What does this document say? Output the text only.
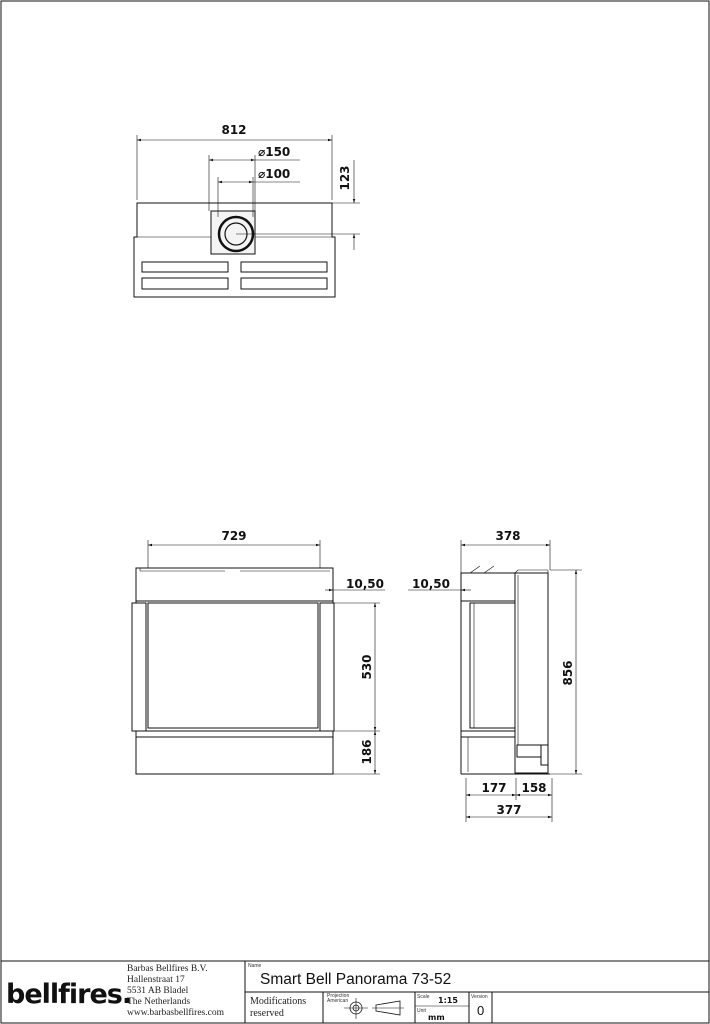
812
⌀150
⌀100	123
729
10,50
530
186
378
10,50
856
177 158
377
bellfires.
Barbas Bellfires B.V.
Hallenstraat 17
5531 AB Bladel
The Netherlands
www.barbasbellfires.com
Name
Smart Bell Panorama 73-52
Modifications
reserved
Projection
American
Scale 1:15
Unit
mm
Version
0
